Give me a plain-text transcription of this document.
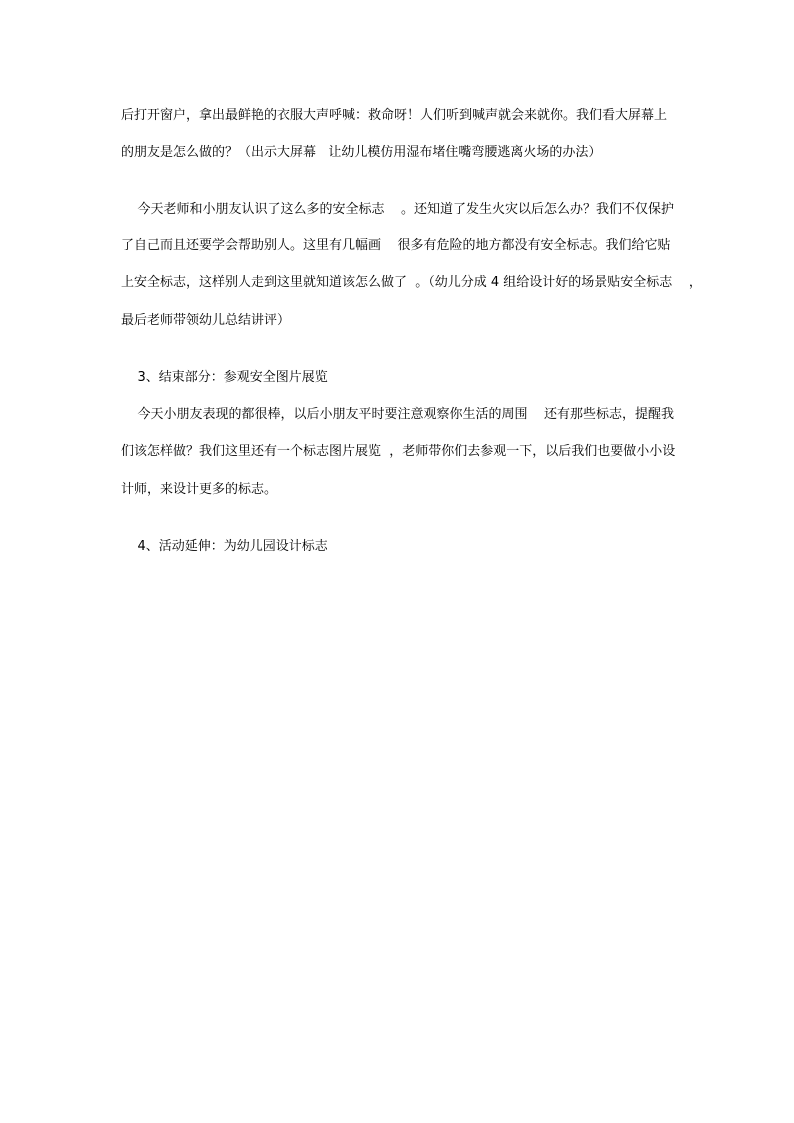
后打开窗户，拿出最鲜艳的衣服大声呼喊：救命呀！人们听到喊声就会来就你。我们看大屏幕上
的朋友是怎么做的？（出示大屏幕   让幼儿模仿用湿布堵住嘴弯腰逃离火场的办法）
今天老师和小朋友认识了这么多的安全标志    。还知道了发生火灾以后怎么办？我们不仅保护
了自己而且还要学会帮助别人。这里有几幅画    很多有危险的地方都没有安全标志。我们给它贴
上安全标志，这样别人走到这里就知道该怎么做了  。（幼儿分成 4 组给设计好的场景贴安全标志    ，
最后老师带领幼儿总结讲评）
3、结束部分：参观安全图片展览
今天小朋友表现的都很棒，以后小朋友平时要注意观察你生活的周围    还有那些标志，提醒我
们该怎样做？我们这里还有一个标志图片展览  ，老师带你们去参观一下，以后我们也要做小小设
计师，来设计更多的标志。
4、活动延伸：为幼儿园设计标志
